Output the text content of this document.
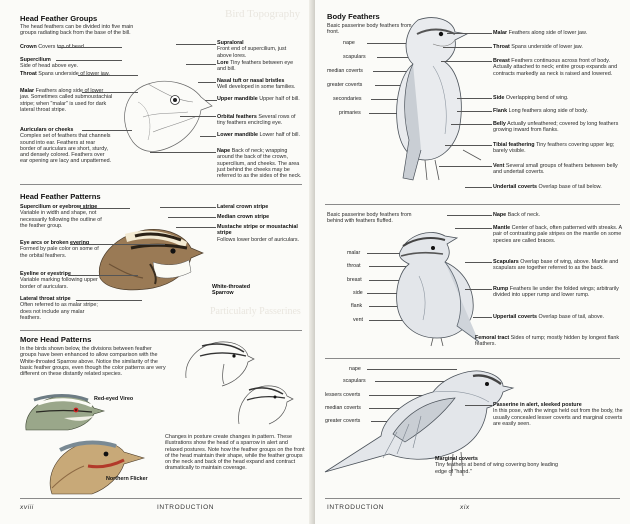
Bird Topography
Particularly Passerines
Head Feather Groups
The head feathers can be divided into five main groups radiating back from the base of the bill.
Crown Covers top of head.
Supercilium
Side of head above eye.
Throat Spans underside of lower jaw.
Malar Feathers along side of lower jaw. Sometimes called submoustachial stripe; when "malar" is used for dark lateral throat stripe.
Auriculars or cheeks
Complex set of feathers that channels sound into ear. Feathers at rear border of auriculars are short, sturdy, and densely colored. Feathers over ear opening are lacy and unpatterned.
Supraloral
Front end of supercilium, just above lores.
Lore Tiny feathers between eye and bill.
Nasal tuft or nasal bristles
Well developed in some families.
Upper mandible Upper half of bill.
Orbital feathers Several rows of tiny feathers encircling eye.
Lower mandible Lower half of bill.
Nape Back of neck; wrapping around the back of the crown, supercilium, and cheeks. The area just behind the cheeks may be referred to as the sides of the neck.
Head Feather Patterns
Supercilium or eyebrow stripe Variable in width and shape, not necessarily following the outline of the feather group.
Eye arcs or broken eyering Formed by pale color on some of the orbital feathers.
Eyeline or eyestripe
Variable marking following upper border of auriculars.
Lateral throat stripe
Often referred to as malar stripe; does not include any malar feathers.
Lateral crown stripe
Median crown stripe
Mustache stripe or moustachial stripe
Follows lower border of auriculars.
White-throated Sparrow
More Head Patterns
In the birds shown below, the divisions between feather groups have been enhanced to allow comparison with the White-throated Sparrow above. Notice the similarity of the basic feather groups, even though the color patterns are very different on these distantly related species.
Red-eyed Vireo
Northern Flicker
Changes in posture create changes in pattern. These illustrations show the head of a sparrow in alert and relaxed postures. Note how the feather groups on the front of the head maintain their shape, while the feather groups on the neck and back of the head expand and contract dramatically to maintain coverage.
xviii	INTRODUCTION
Body Feathers
Basic passerine body feathers from front.
nape
scapulars
median coverts
greater coverts
secondaries
primaries
Malar Feathers along side of lower jaw.
Throat Spans underside of lower jaw.
Breast Feathers continuous across front of body. Actually attached to neck; entire group expands and contracts markedly as neck is raised and lowered.
Side Overlapping bend of wing.
Flank Long feathers along side of body.
Belly Actually unfeathered; covered by long feathers growing inward from flanks.
Tibial feathering Tiny feathers covering upper leg; barely visible.
Vent Several small groups of feathers between belly and undertail coverts.
Undertail coverts Overlap base of tail below.
Basic passerine body feathers from behind with feathers fluffed.
malar
throat
breast
side
flank
vent
Nape Back of neck.
Mantle Center of back, often patterned with streaks. A pair of contrasting pale stripes on the mantle on some species are called braces.
Scapulars Overlap base of wing, above. Mantle and scapulars are together referred to as the back.
Rump Feathers lie under the folded wings; arbitrarily divided into upper rump and lower rump.
Uppertail coverts Overlap base of tail, above.
Femoral tract Sides of rump; mostly hidden by longest flank feathers.
nape
scapulars
lessers coverts
median coverts
greater coverts
Passerine in alert, sleeked posture
In this pose, with the wings held out from the body, the usually concealed lesser coverts and marginal coverts are easily seen.
Marginal coverts
Tiny feathers at bend of wing covering bony leading edge of "hand."
INTRODUCTION	xix
